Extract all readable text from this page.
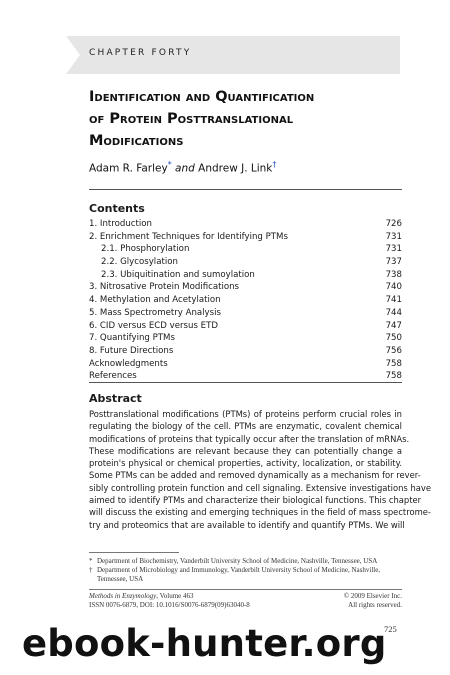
CHAPTER FORTY
Identification and Quantification
of Protein Posttranslational
Modifications
Adam R. Farley* and Andrew J. Link†
Contents
1. Introduction	726
2. Enrichment Techniques for Identifying PTMs	731
2.1. Phosphorylation	731
2.2. Glycosylation	737
2.3. Ubiquitination and sumoylation	738
3. Nitrosative Protein Modifications	740
4. Methylation and Acetylation	741
5. Mass Spectrometry Analysis	744
6. CID versus ECD versus ETD	747
7. Quantifying PTMs	750
8. Future Directions	756
Acknowledgments	758
References	758
Abstract
Posttranslational modifications (PTMs) of proteins perform crucial roles in
regulating the biology of the cell. PTMs are enzymatic, covalent chemical
modifications of proteins that typically occur after the translation of mRNAs.
These modifications are relevant because they can potentially change a
protein's physical or chemical properties, activity, localization, or stability.
Some PTMs can be added and removed dynamically as a mechanism for rever-
sibly controlling protein function and cell signaling. Extensive investigations have
aimed to identify PTMs and characterize their biological functions. This chapter
will discuss the existing and emerging techniques in the field of mass spectrome-
try and proteomics that are available to identify and quantify PTMs. We will
* Department of Biochemistry, Vanderbilt University School of Medicine, Nashville, Tennessee, USA
† Department of Microbiology and Immunology, Vanderbilt University School of Medicine, Nashville,
Tennessee, USA
Methods in Enzymology, Volume 463	© 2009 Elsevier Inc.
ISSN 0076-6879, DOI: 10.1016/S0076-6879(09)63040-8	All rights reserved.
725
ebook-hunter.org
